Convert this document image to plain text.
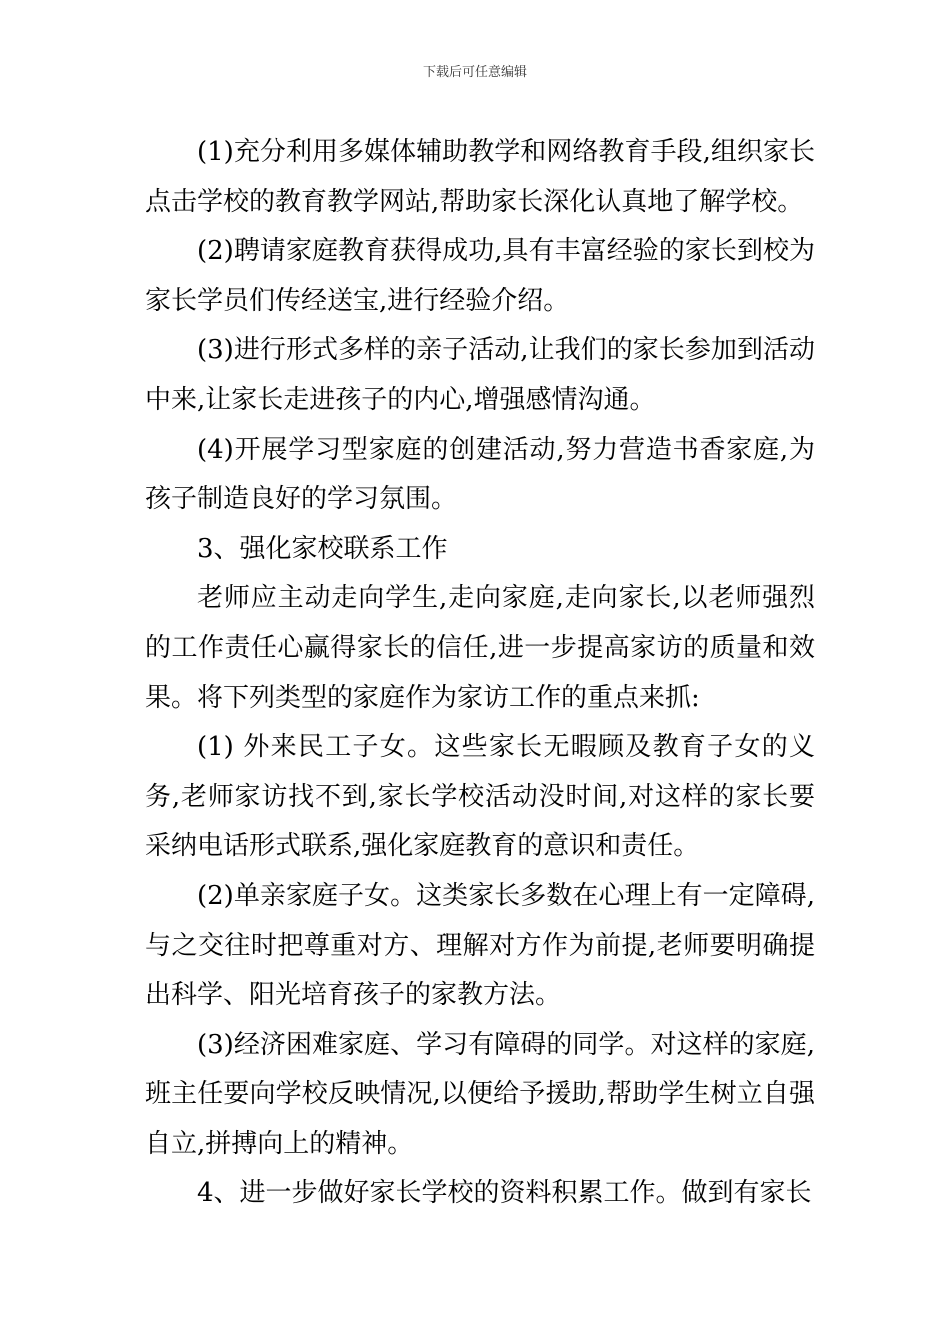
下载后可任意编辑

(1)充分利用多媒体辅助教学和网络教育手段,组织家长点击学校的教育教学网站,帮助家长深化认真地了解学校。

(2)聘请家庭教育获得成功,具有丰富经验的家长到校为家长学员们传经送宝,进行经验介绍。

(3)进行形式多样的亲子活动,让我们的家长参加到活动中来,让家长走进孩子的内心,增强感情沟通。

(4)开展学习型家庭的创建活动,努力营造书香家庭,为孩子制造良好的学习氛围。

3、强化家校联系工作

老师应主动走向学生,走向家庭,走向家长,以老师强烈的工作责任心赢得家长的信任,进一步提高家访的质量和效果。将下列类型的家庭作为家访工作的重点来抓:

(1) 外来民工子女。这些家长无暇顾及教育子女的义务,老师家访找不到,家长学校活动没时间,对这样的家长要采纳电话形式联系,强化家庭教育的意识和责任。

(2)单亲家庭子女。这类家长多数在心理上有一定障碍,与之交往时把尊重对方、理解对方作为前提,老师要明确提出科学、阳光培育孩子的家教方法。

(3)经济困难家庭、学习有障碍的同学。对这样的家庭,班主任要向学校反映情况,以便给予援助,帮助学生树立自强自立,拼搏向上的精神。

4、进一步做好家长学校的资料积累工作。做到有家长
